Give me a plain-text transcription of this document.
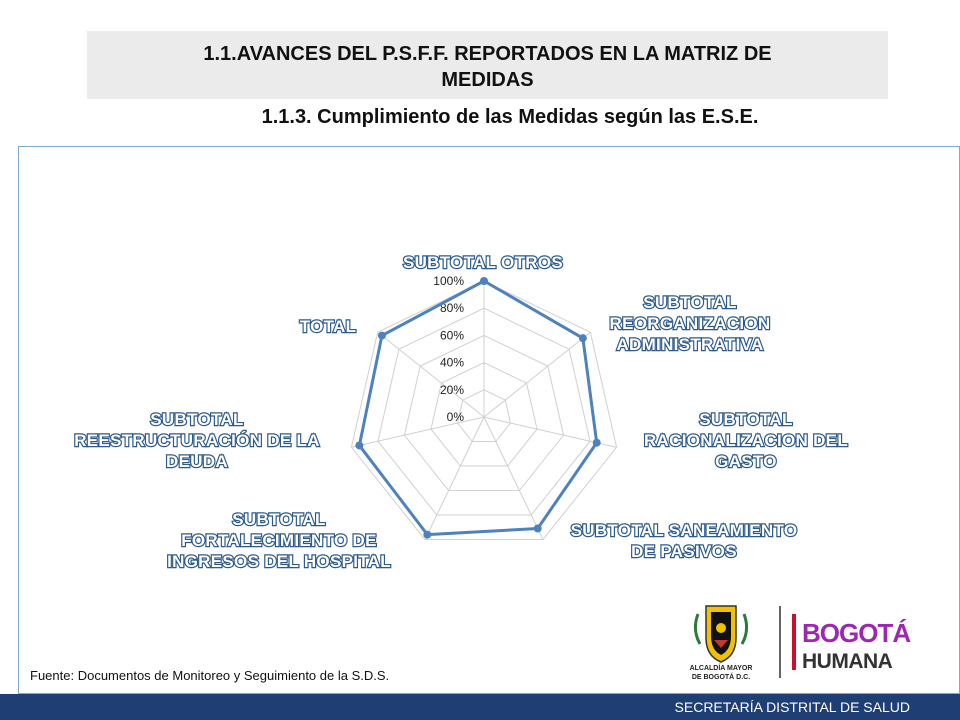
1.1.AVANCES DEL P.S.F.F. REPORTADOS EN LA MATRIZ DE
MEDIDAS
1.1.3. Cumplimiento de las Medidas según las E.S.E.
0%
20%
40%
60%
80%
100%
SUBTOTAL OTROS
SUBTOTAL
REORGANIZACION
ADMINISTRATIVA
SUBTOTAL
RACIONALIZACION DEL
GASTO
SUBTOTAL SANEAMIENTO
DE PASIVOS
SUBTOTAL
FORTALECIMIENTO DE
INGRESOS DEL HOSPITAL
SUBTOTAL
REESTRUCTURACIÓN DE LA
DEUDA
TOTAL
Fuente: Documentos de Monitoreo y Seguimiento de la S.D.S.	ALCALDÍA MAYOR
DE BOGOTÁ D.C.
BOGOTÁ
HUMANA
SECRETARÍA DISTRITAL DE SALUD
